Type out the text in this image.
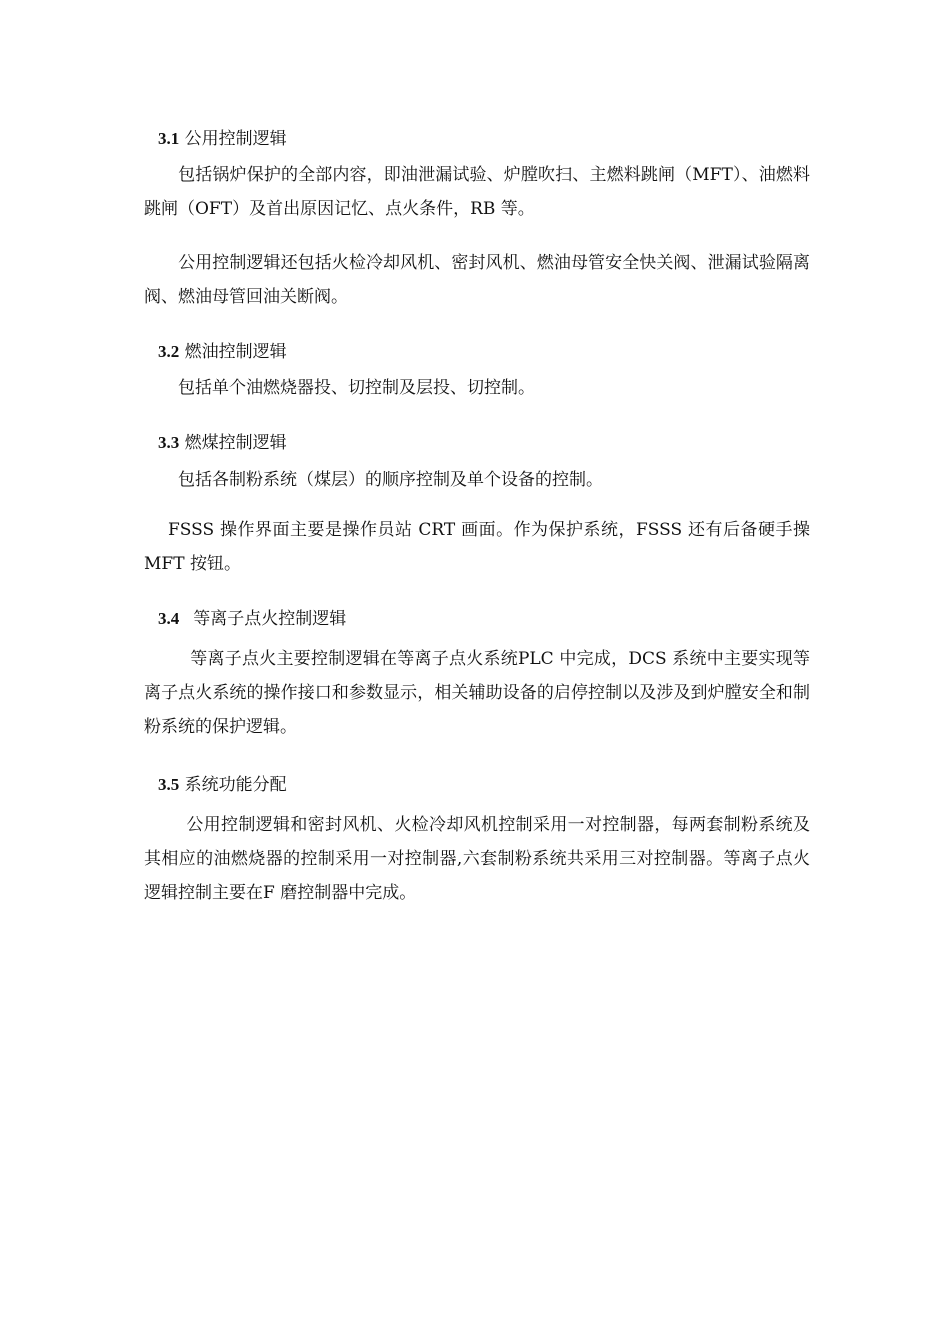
3.1 公用控制逻辑
包括锅炉保护的全部内容，即油泄漏试验、炉膛吹扫、主燃料跳闸（MFT）、油燃料跳闸（OFT）及首出原因记忆、点火条件，RB 等。
公用控制逻辑还包括火检冷却风机、密封风机、燃油母管安全快关阀、泄漏试验隔离阀、燃油母管回油关断阀。
3.2 燃油控制逻辑
包括单个油燃烧器投、切控制及层投、切控制。
3.3 燃煤控制逻辑
包括各制粉系统（煤层）的顺序控制及单个设备的控制。
FSSS 操作界面主要是操作员站 CRT 画面。作为保护系统，FSSS 还有后备硬手操 MFT 按钮。
3.4 等离子点火控制逻辑
等离子点火主要控制逻辑在等离子点火系统PLC 中完成，DCS 系统中主要实现等离子点火系统的操作接口和参数显示，相关辅助设备的启停控制以及涉及到炉膛安全和制粉系统的保护逻辑。
3.5 系统功能分配
公用控制逻辑和密封风机、火检冷却风机控制采用一对控制器，每两套制粉系统及其相应的油燃烧器的控制采用一对控制器,六套制粉系统共采用三对控制器。等离子点火逻辑控制主要在F 磨控制器中完成。
